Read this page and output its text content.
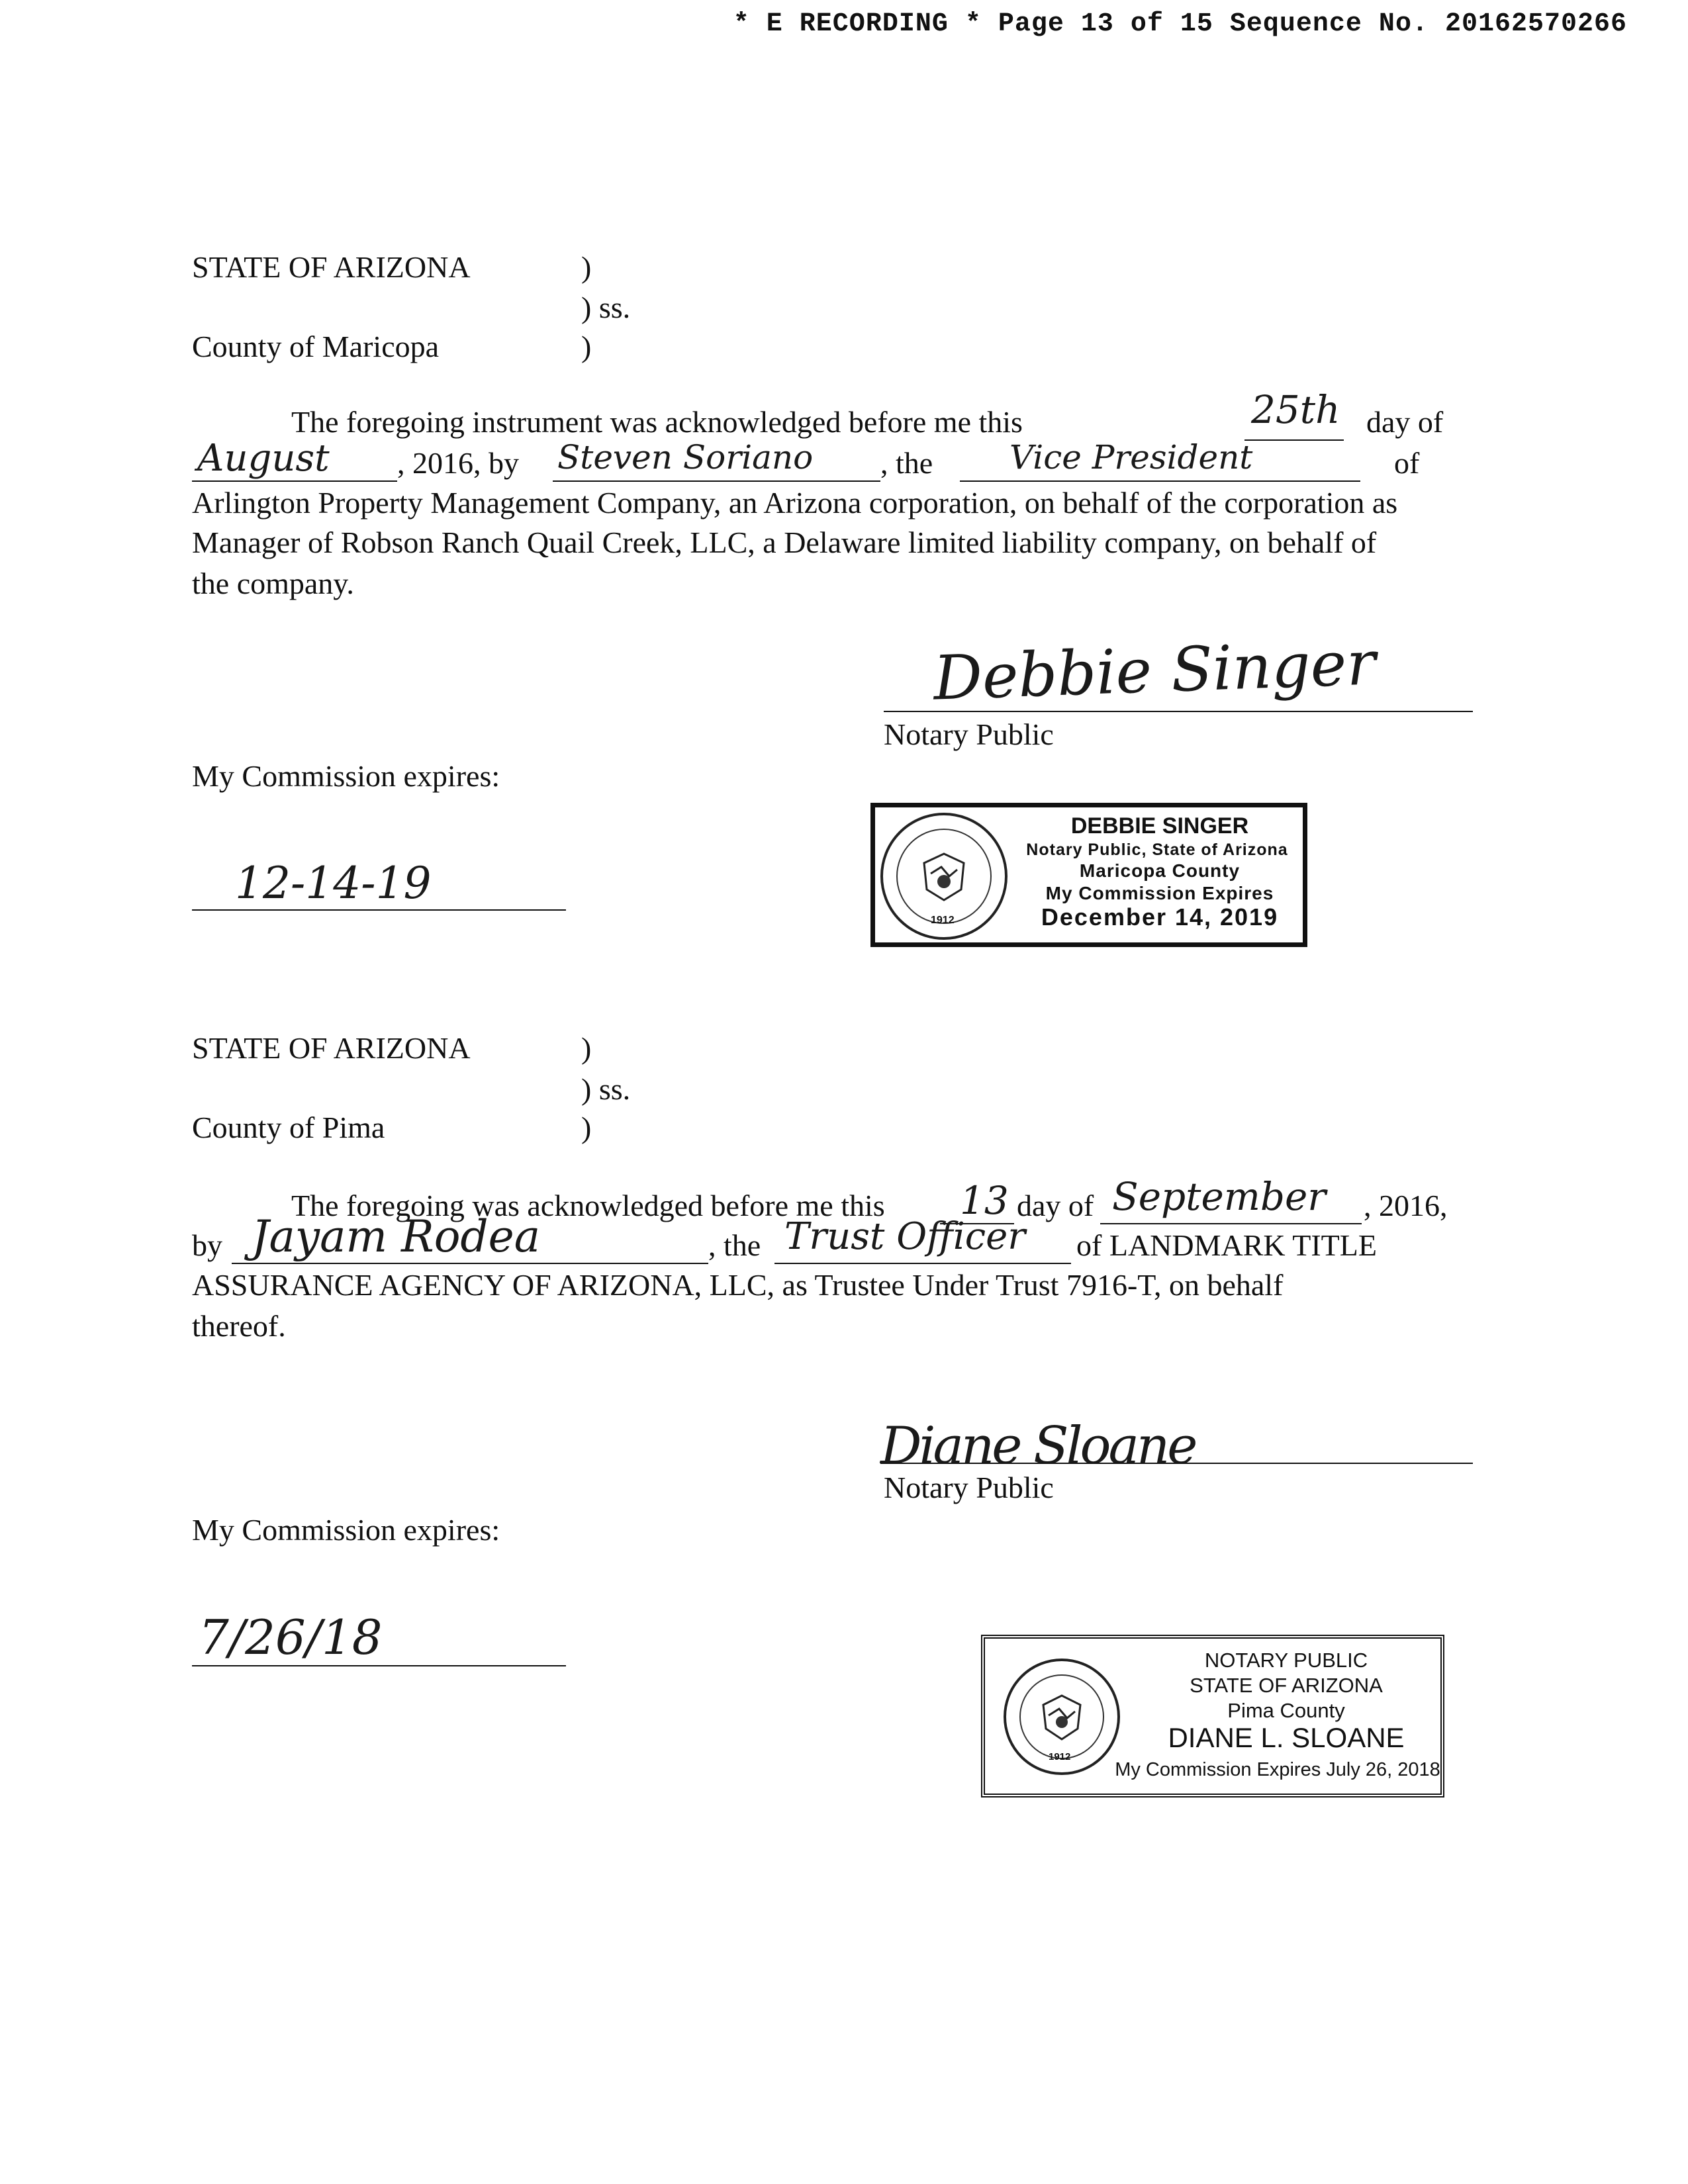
* E RECORDING * Page 13 of 15 Sequence No. 20162570266
STATE OF ARIZONA	)
) ss.
County of Maricopa	)
The foregoing instrument was acknowledged before me this	25th day of
August , 2016, by Steven Soriano , the Vice President	of
Arlington Property Management Company, an Arizona corporation, on behalf of the corporation as
Manager of Robson Ranch Quail Creek, LLC, a Delaware limited liability company, on behalf of
the company.
Debbie Singer
Notary Public
My Commission expires:
12-14-19
1912
DEBBIE SINGER
Notary Public, State of Arizona
Maricopa County
My Commission Expires
December 14, 2019
STATE OF ARIZONA	)
) ss.
County of Pima	)
The foregoing was acknowledged before me this 13 day of September , 2016,
by Jayam Rodea	, the Trust Officer of LANDMARK TITLE
ASSURANCE AGENCY OF ARIZONA, LLC, as Trustee Under Trust 7916-T, on behalf
thereof.
Diane Sloane
Notary Public
My Commission expires:
7/26/18
1912
NOTARY PUBLIC
STATE OF ARIZONA
Pima County
DIANE L. SLOANE
My Commission Expires July 26, 2018
